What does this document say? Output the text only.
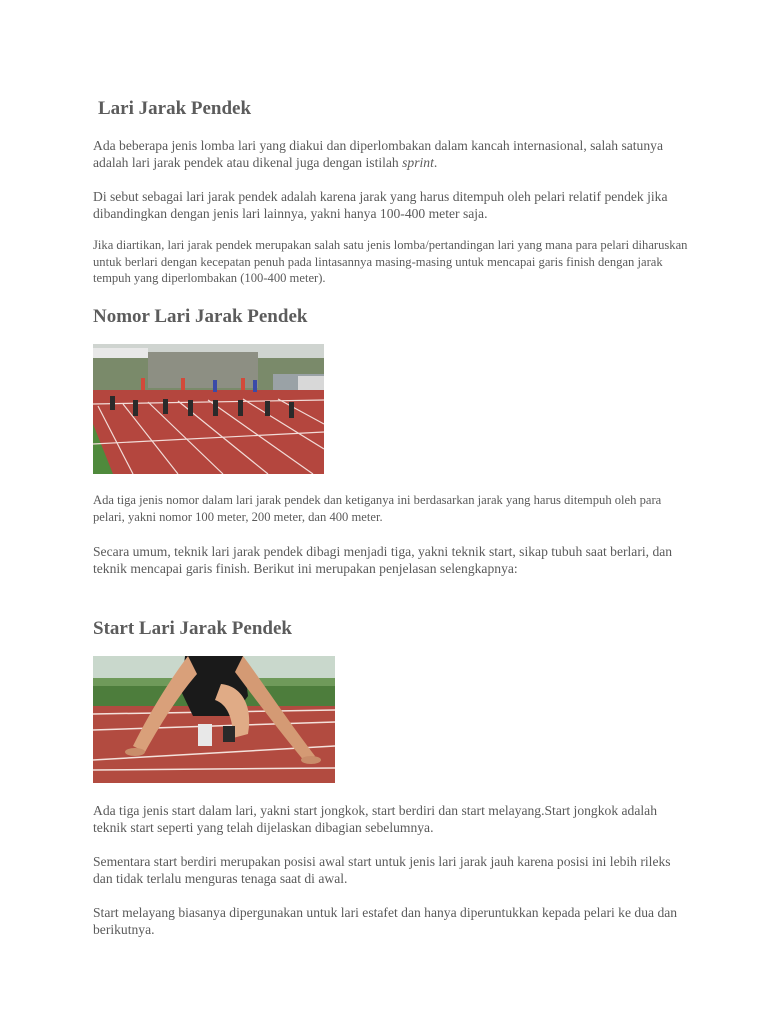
Lari Jarak Pendek

Ada beberapa jenis lomba lari yang diakui dan diperlombakan dalam kancah internasional, salah satunya adalah lari jarak pendek atau dikenal juga dengan istilah sprint.

Di sebut sebagai lari jarak pendek adalah karena jarak yang harus ditempuh oleh pelari relatif pendek jika dibandingkan dengan jenis lari lainnya, yakni hanya 100-400 meter saja.

Jika diartikan, lari jarak pendek merupakan salah satu jenis lomba/pertandingan lari yang mana para pelari diharuskan untuk berlari dengan kecepatan penuh pada lintasannya masing-masing untuk mencapai garis finish dengan jarak tempuh yang diperlombakan (100-400 meter).

Nomor Lari Jarak Pendek

Ada tiga jenis nomor dalam lari jarak pendek dan ketiganya ini berdasarkan jarak yang harus ditempuh oleh para pelari, yakni nomor 100 meter, 200 meter, dan 400 meter.

Secara umum, teknik lari jarak pendek dibagi menjadi tiga, yakni teknik start, sikap tubuh saat berlari, dan teknik mencapai garis finish. Berikut ini merupakan penjelasan selengkapnya:

Start Lari Jarak Pendek

Ada tiga jenis start dalam lari, yakni start jongkok, start berdiri dan start melayang.Start jongkok adalah teknik start seperti yang telah dijelaskan dibagian sebelumnya.

Sementara start berdiri merupakan posisi awal start untuk jenis lari jarak jauh karena posisi ini lebih rileks dan tidak terlalu menguras tenaga saat di awal.

Start melayang biasanya dipergunakan untuk lari estafet dan hanya diperuntukkan kepada pelari ke dua dan berikutnya.
